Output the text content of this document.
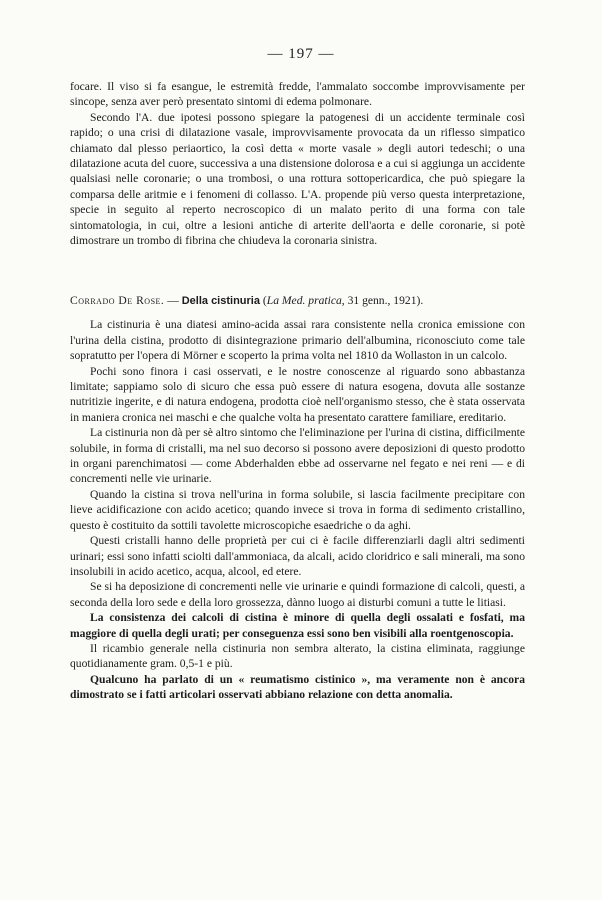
— 197 —

focare. Il viso si fa esangue, le estremità fredde, l'ammalato soccombe improvvisamente per sincope, senza aver però presentato sintomi di edema polmonare.

Secondo l'A. due ipotesi possono spiegare la patogenesi di un accidente terminale così rapido; o una crisi di dilatazione vasale, improvvisamente provocata da un riflesso simpatico chiamato dal plesso periaortico, la così detta « morte vasale » degli autori tedeschi; o una dilatazione acuta del cuore, successiva a una distensione dolorosa e a cui si aggiunga un accidente qualsiasi nelle coronarie; o una trombosi, o una rottura sottopericardica, che può spiegare la comparsa delle aritmie e i fenomeni di collasso. L'A. propende più verso questa interpretazione, specie in seguito al reperto necroscopico di un malato perito di una forma con tale sintomatologia, in cui, oltre a lesioni antiche di arterite dell'aorta e delle coronarie, si potè dimostrare un trombo di fibrina che chiudeva la coronaria sinistra.

Corrado De Rose. — Della cistinuria (La Med. pratica, 31 genn., 1921).

La cistinuria è una diatesi amino-acida assai rara consistente nella cronica emissione con l'urina della cistina, prodotto di disintegrazione primario dell'albumina, riconosciuto come tale sopratutto per l'opera di Mörner e scoperto la prima volta nel 1810 da Wollaston in un calcolo.

Pochi sono finora i casi osservati, e le nostre conoscenze al riguardo sono abbastanza limitate; sappiamo solo di sicuro che essa può essere di natura esogena, dovuta alle sostanze nutritizie ingerite, e di natura endogena, prodotta cioè nell'organismo stesso, che è stata osservata in maniera cronica nei maschi e che qualche volta ha presentato carattere familiare, ereditario.

La cistinuria non dà per sè altro sintomo che l'eliminazione per l'urina di cistina, difficilmente solubile, in forma di cristalli, ma nel suo decorso si possono avere deposizioni di questo prodotto in organi parenchimatosi — come Abderhalden ebbe ad osservarne nel fegato e nei reni — e di concrementi nelle vie urinarie.

Quando la cistina si trova nell'urina in forma solubile, si lascia facilmente precipitare con lieve acidificazione con acido acetico; quando invece si trova in forma di sedimento cristallino, questo è costituito da sottili tavolette microscopiche esaedriche o da aghi.

Questi cristalli hanno delle proprietà per cui ci è facile differenziarli dagli altri sedimenti urinari; essi sono infatti sciolti dall'ammoniaca, da alcali, acido cloridrico e sali minerali, ma sono insolubili in acido acetico, acqua, alcool, ed etere.

Se si ha deposizione di concrementi nelle vie urinarie e quindi formazione di calcoli, questi, a seconda della loro sede e della loro grossezza, dànno luogo ai disturbi comuni a tutte le litiasi.

La consistenza dei calcoli di cistina è minore di quella degli ossalati e fosfati, ma maggiore di quella degli urati; per conseguenza essi sono ben visibili alla roentgenoscopia.

Il ricambio generale nella cistinuria non sembra alterato, la cistina eliminata, raggiunge quotidianamente gram. 0,5-1 e più.

Qualcuno ha parlato di un « reumatismo cistinico », ma veramente non è ancora dimostrato se i fatti articolari osservati abbiano relazione con detta anomalia.
